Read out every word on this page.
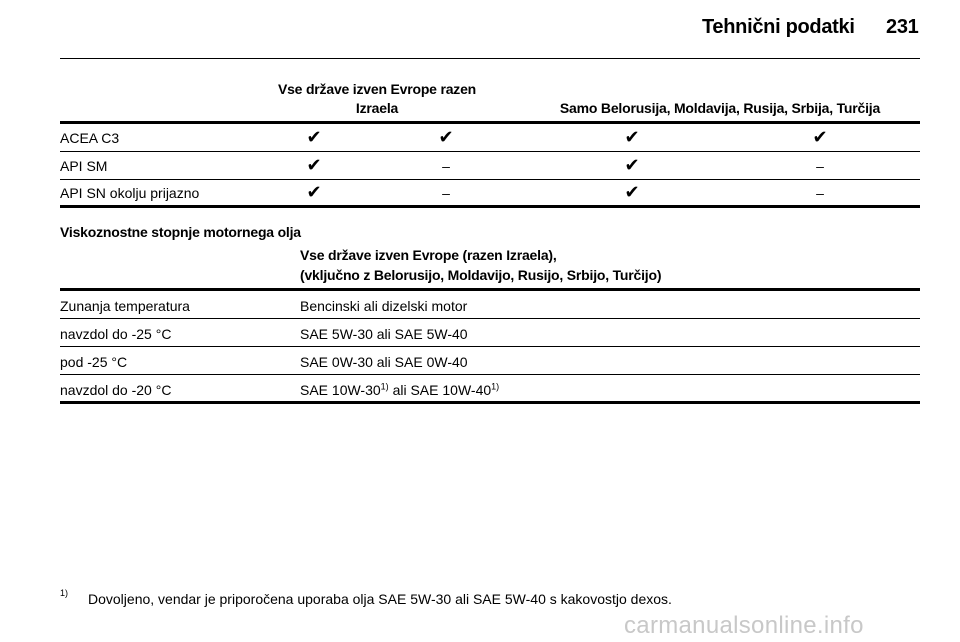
Tehnični podatki 231
Vse države izven Evrope razen Izraela	Samo Belorusija, Moldavija, Rusija, Srbija, Turčija
ACEA C3	✔	✔	✔	✔
API SM	✔	–	✔	–
API SN okolju prijazno	✔	–	✔	–
Viskoznostne stopnje motornega olja
Vse države izven Evrope (razen Izraela),
(vključno z Belorusijo, Moldavijo, Rusijo, Srbijo, Turčijo)
Zunanja temperatura	Bencinski ali dizelski motor
navzdol do -25 °C	SAE 5W-30 ali SAE 5W-40
pod -25 °C	SAE 0W-30 ali SAE 0W-40
navzdol do -20 °C	SAE 10W-30$^{1)}$ ali SAE 10W-40$^{1)}$
1) Dovoljeno, vendar je priporočena uporaba olja SAE 5W-30 ali SAE 5W-40 s kakovostjo dexos.
carmanualsonline.info
